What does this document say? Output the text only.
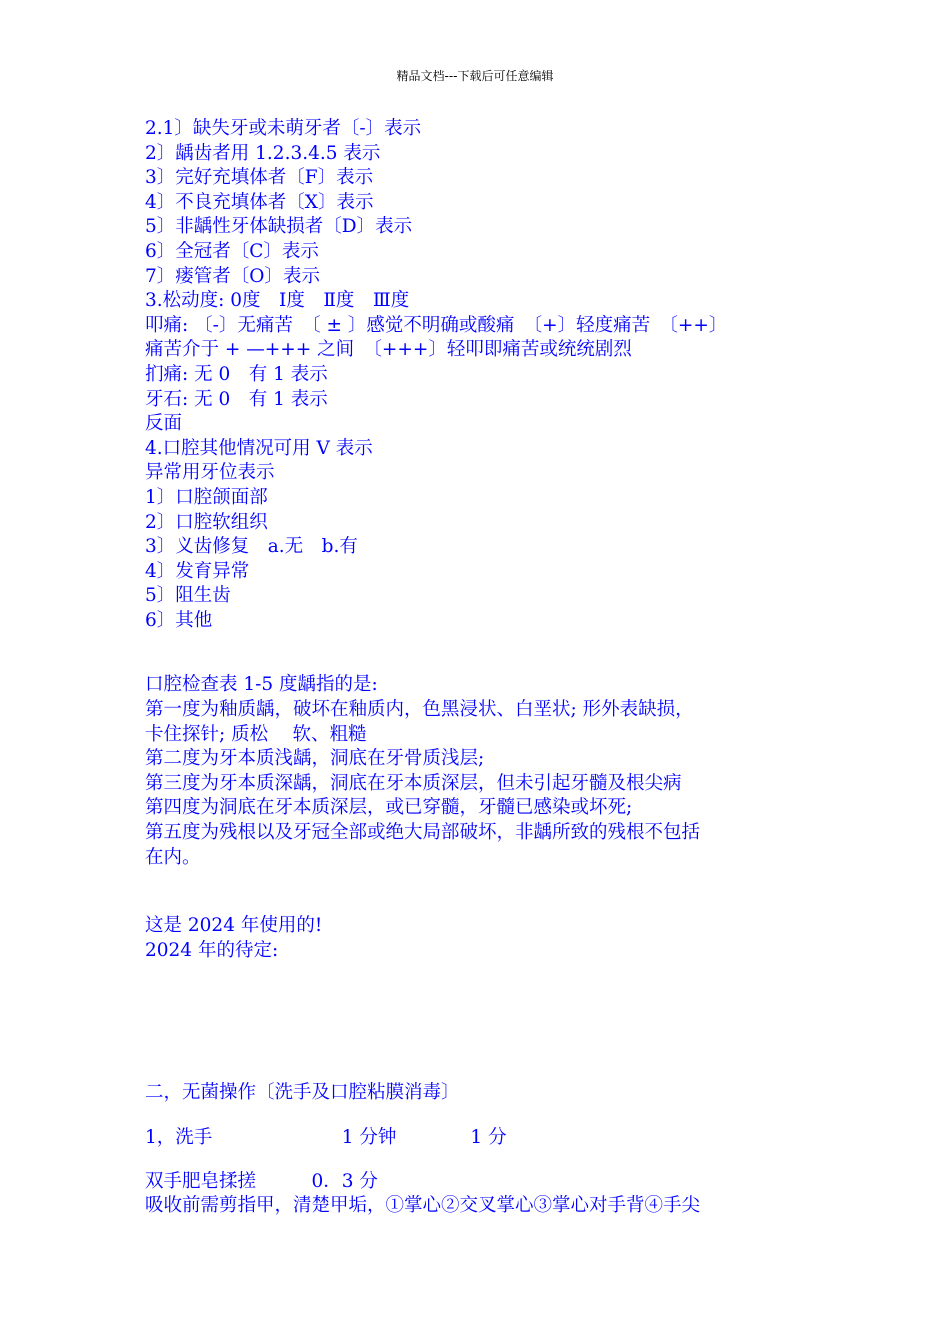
精品文档---下载后可任意编辑
2.1〕缺失牙或未萌牙者〔-〕表示
2〕龋齿者用 1.2.3.4.5 表示
3〕完好充填体者〔F〕表示
4〕不良充填体者〔X〕表示
5〕非龋性牙体缺损者〔D〕表示
6〕全冠者〔C〕表示
7〕瘘管者〔O〕表示
3.松动度: 0度　Ⅰ度　Ⅱ度　Ⅲ度
叩痛: 〔-〕无痛苦　〔 ± 〕感觉不明确或酸痛　〔+〕轻度痛苦　〔++〕
痛苦介于 + —+++ 之间　〔+++〕轻叩即痛苦或统统剧烈
扪痛: 无 0　有 1 表示
牙石: 无 0　有 1 表示
反面
4.口腔其他情况可用 V 表示
异常用牙位表示
1〕口腔颌面部
2〕口腔软组织
3〕义齿修复　a.无　b.有
4〕发育异常
5〕阻生齿
6〕其他
口腔检查表 1-5 度龋指的是:
第一度为釉质龋，破坏在釉质内，色黑浸状、白垩状; 形外表缺损，
卡住探针; 质松　 软、粗糙
第二度为牙本质浅龋，洞底在牙骨质浅层;
第三度为牙本质深龋，洞底在牙本质深层，但未引起牙髓及根尖病
第四度为洞底在牙本质深层，或已穿髓，牙髓已感染或坏死;
第五度为残根以及牙冠全部或绝大局部破坏，非龋所致的残根不包括
在内。
这是 2024 年使用的!
2024 年的待定:
二，无菌操作〔洗手及口腔粘膜消毒〕
1，洗手　　　　　　　1 分钟　　　　1 分
双手肥皂揉搓　　　0．3 分
吸收前需剪指甲，清楚甲垢，①掌心②交叉掌心③掌心对手背④手尖
